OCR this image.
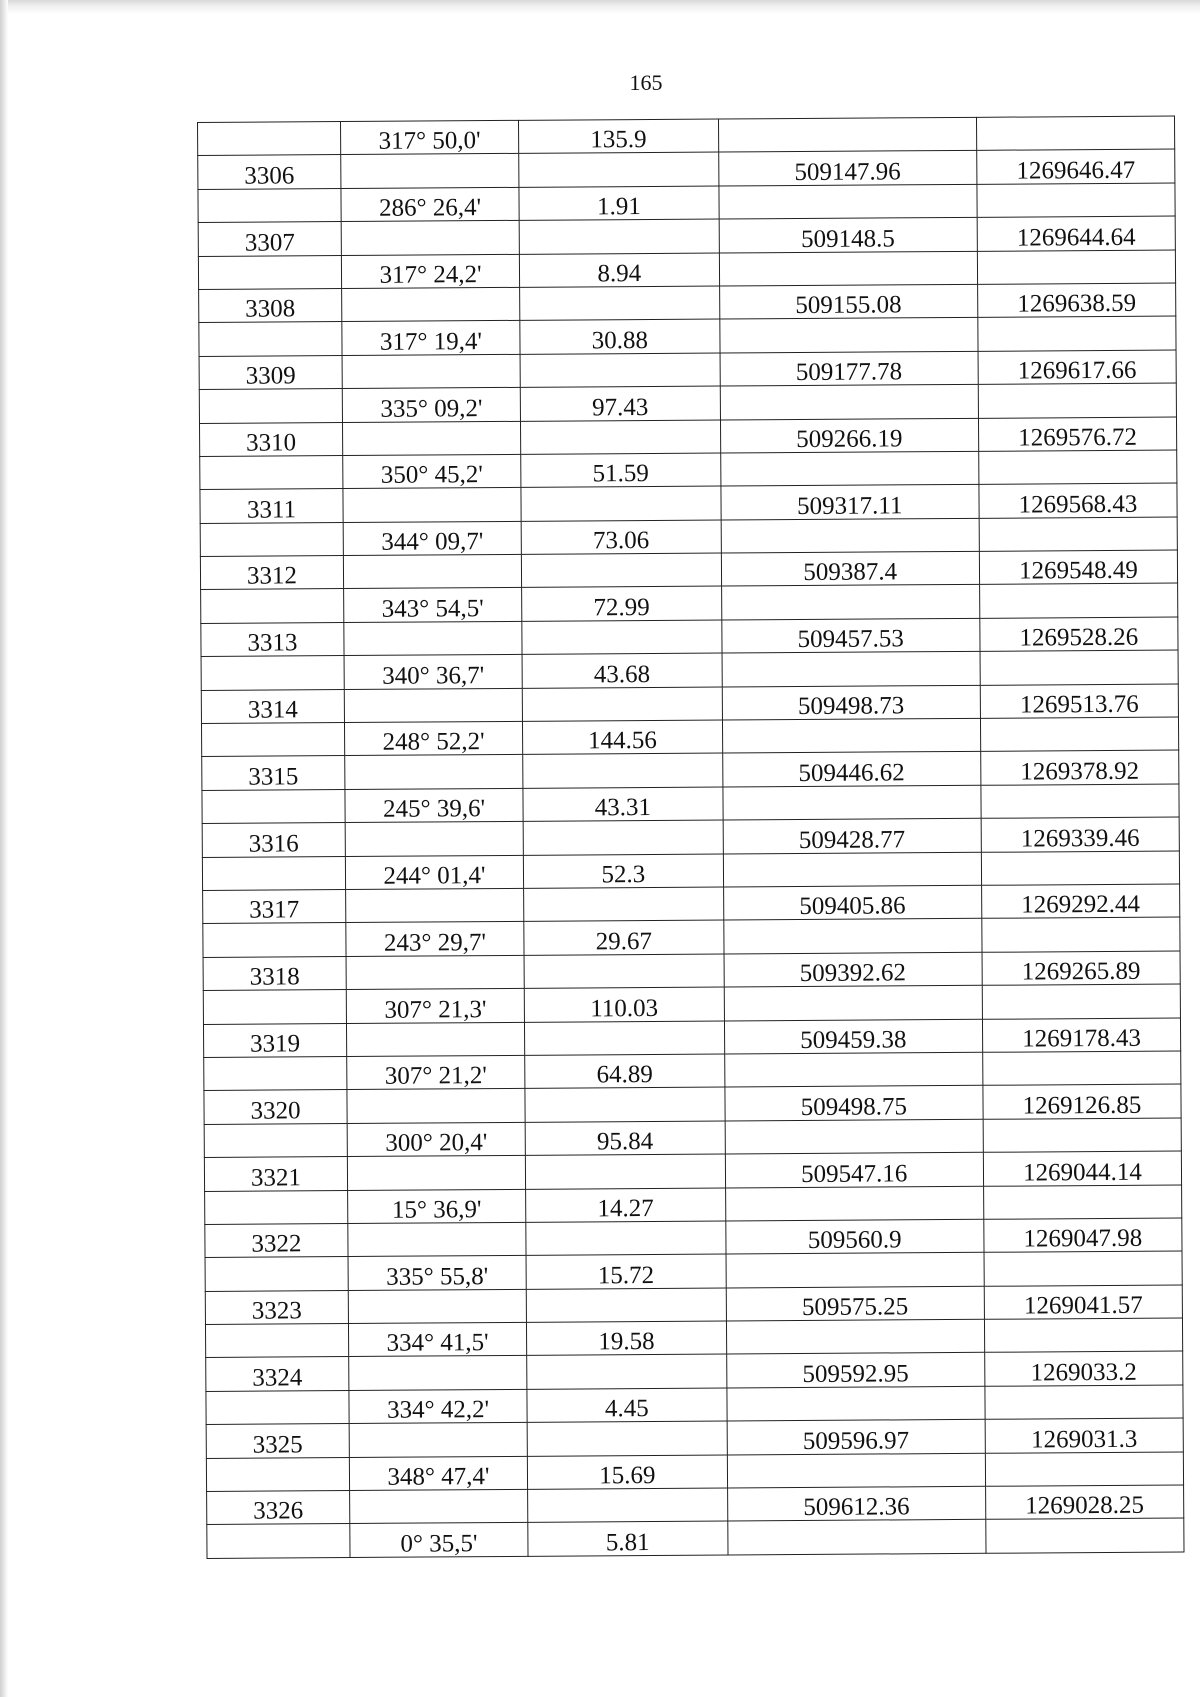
165
	317° 50,0'	135.9		
3306			509147.96	1269646.47
	286° 26,4'	1.91		
3307			509148.5	1269644.64
	317° 24,2'	8.94		
3308			509155.08	1269638.59
	317° 19,4'	30.88		
3309			509177.78	1269617.66
	335° 09,2'	97.43		
3310			509266.19	1269576.72
	350° 45,2'	51.59		
3311			509317.11	1269568.43
	344° 09,7'	73.06		
3312			509387.4	1269548.49
	343° 54,5'	72.99		
3313			509457.53	1269528.26
	340° 36,7'	43.68		
3314			509498.73	1269513.76
	248° 52,2'	144.56		
3315			509446.62	1269378.92
	245° 39,6'	43.31		
3316			509428.77	1269339.46
	244° 01,4'	52.3		
3317			509405.86	1269292.44
	243° 29,7'	29.67		
3318			509392.62	1269265.89
	307° 21,3'	110.03		
3319			509459.38	1269178.43
	307° 21,2'	64.89		
3320			509498.75	1269126.85
	300° 20,4'	95.84		
3321			509547.16	1269044.14
	15° 36,9'	14.27		
3322			509560.9	1269047.98
	335° 55,8'	15.72		
3323			509575.25	1269041.57
	334° 41,5'	19.58		
3324			509592.95	1269033.2
	334° 42,2'	4.45		
3325			509596.97	1269031.3
	348° 47,4'	15.69		
3326			509612.36	1269028.25
	0° 35,5'	5.81		
